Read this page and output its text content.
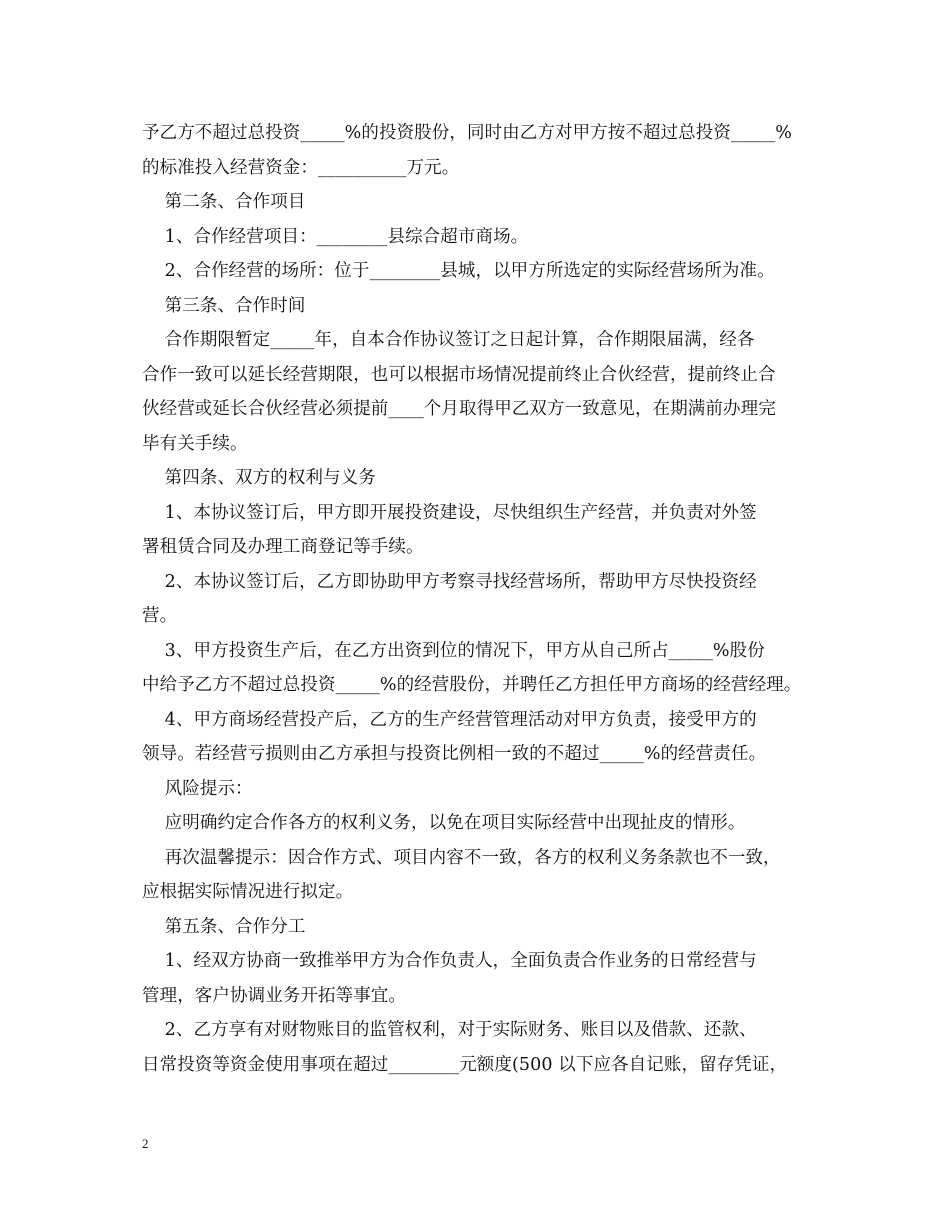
予乙方不超过总投资_____%的投资股份，同时由乙方对甲方按不超过总投资_____%
的标准投入经营资金：__________万元。
第二条、合作项目
1、合作经营项目：________县综合超市商场。
2、合作经营的场所：位于________县城，以甲方所选定的实际经营场所为准。
第三条、合作时间
合作期限暂定_____年，自本合作协议签订之日起计算，合作期限届满，经各
合作一致可以延长经营期限，也可以根据市场情况提前终止合伙经营，提前终止合
伙经营或延长合伙经营必须提前____个月取得甲乙双方一致意见，在期满前办理完
毕有关手续。
第四条、双方的权利与义务
1、本协议签订后，甲方即开展投资建设，尽快组织生产经营，并负责对外签
署租赁合同及办理工商登记等手续。
2、本协议签订后，乙方即协助甲方考察寻找经营场所，帮助甲方尽快投资经
营。
3、甲方投资生产后，在乙方出资到位的情况下，甲方从自己所占_____%股份
中给予乙方不超过总投资_____%的经营股份，并聘任乙方担任甲方商场的经营经理。
4、甲方商场经营投产后，乙方的生产经营管理活动对甲方负责，接受甲方的
领导。若经营亏损则由乙方承担与投资比例相一致的不超过_____%的经营责任。
风险提示：
应明确约定合作各方的权利义务，以免在项目实际经营中出现扯皮的情形。
再次温馨提示：因合作方式、项目内容不一致，各方的权利义务条款也不一致，
应根据实际情况进行拟定。
第五条、合作分工
1、经双方协商一致推举甲方为合作负责人，全面负责合作业务的日常经营与
管理，客户协调业务开拓等事宜。
2、乙方享有对财物账目的监管权利，对于实际财务、账目以及借款、还款、
日常投资等资金使用事项在超过________元额度(500 以下应各自记账，留存凭证，
2
